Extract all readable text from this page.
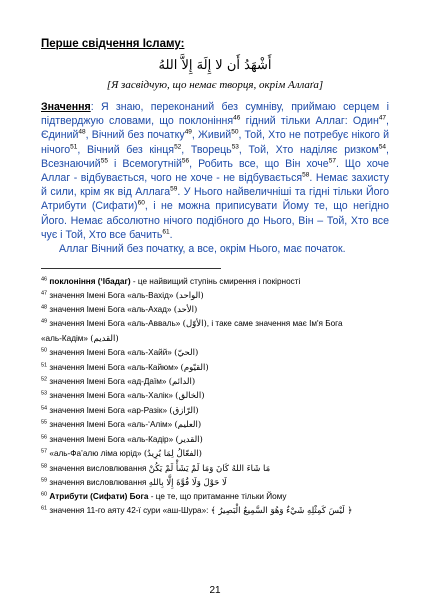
Перше свідчення Ісламу:
أَشْهَدُ أَن لا إِلَهَ إِلاَّ اللهُ
[Я засвідчую, що немає творця, окрім Аллаґа]

Значення: Я знаю, переконаний без сумніву, приймаю серцем і підтверджую словами, що поклоніння$^{46}$ гідний тільки Аллаг: Один$^{47}$, Єдиний$^{48}$, Вічний без початку$^{49}$, Живий$^{50}$, Той, Хто не потребує нікого й нічого$^{51}$, Вічний без кінця$^{52}$, Творець$^{53}$, Той, Хто наділяє ризком$^{54}$, Всезнаючий$^{55}$ і Всемогутній$^{56}$, Робить все, що Він хоче$^{57}$. Що хоче Аллаг - відбувається, чого не хоче - не відбувається$^{58}$. Немає захисту й сили, крім як від Аллага$^{59}$. У Нього найвеличніші та гідні тільки Його Атрибути (Сифати)$^{60}$, і не можна приписувати Йому те, що негідно Його. Немає абсолютно нічого подібного до Нього, Він – Той, Хто все чує і Той, Хто все бачить$^{61}$.

Аллаг Вічний без початку, а все, окрім Нього, має початок.

$^{46}$ поклоніння (‘Ібадаг) - це найвищий ступінь смирення і покірності

$^{47}$ значення Імені Бога «аль-Вахід» (الواحد)

$^{48}$ значення Імені Бога «аль-Ахад» (الأحد)

$^{49}$ значення Імені Бога «аль-Авваль» (الأوّل), і таке саме значення має Ім'я Бога

«аль-Кадім» (القديم)

$^{50}$ значення Імені Бога «аль-Хайй» (الحيّ)

$^{51}$ значення Імені Бога «аль-Кайюм» (القيّوم)

$^{52}$ значення Імені Бога «ад-Даїм» (الدائم)

$^{53}$ значення Імені Бога «аль-Халік» (الخالق)

$^{54}$ значення Імені Бога «ар-Разік» (الرّازق)

$^{55}$ значення Імені Бога «аль-‘Алім» (العليم)

$^{56}$ значення Імені Бога «аль-Кадір» (القدير)

$^{57}$ «аль-Фа’алю ліма юрід» (الفعّالُ لِمَا يُرِيدُ)

$^{58}$ значення висловлювання مَا شَاءَ اللهُ كَانَ وَمَا لَمْ يَشَأْ لَمْ يَكُنْ

$^{59}$ значення висловлювання لَا حَوْلَ وَلَا قُوَّةَ إِلَّا بِاللهِ

$^{60}$ Атрибути (Сифати) Бога - це те, що притаманне тільки Йому

$^{61}$ значення 11-го аяту 42-ї сури «аш-Шура»: ﴿ لَيْسَ كَمِثْلِهِ شَيْءٌ وَهُوَ السَّمِيعُ الْبَصِيرُ ﴾

21
